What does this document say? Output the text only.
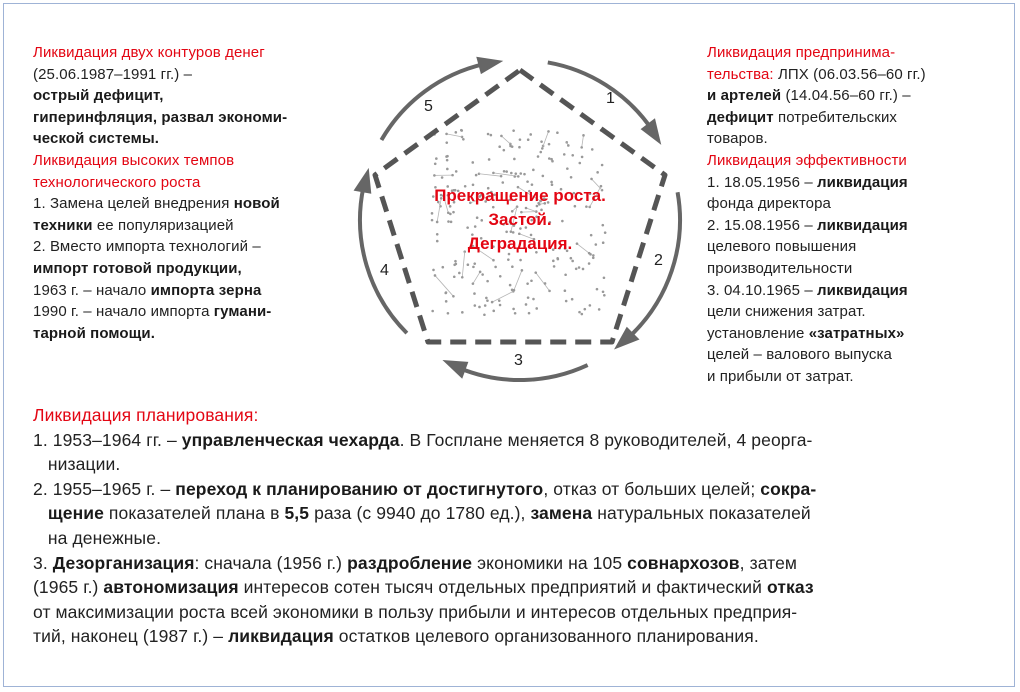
Прекращение роста.
Застой.
Деградация.
1
2
3
4
5
Ликвидация двух контуров денег
(25.06.1987–1991 гг.) –
острый дефицит,
гиперинфляция, развал экономи-
ческой системы.
Ликвидация высоких темпов
технологического роста
1. Замена целей внедрения новой
техники ее популяризацией
2. Вместо импорта технологий –
импорт готовой продукции,
1963 г. – начало импорта зерна
1990 г. – начало импорта гумани-
тарной помощи.
Ликвидация предпринима-
тельства: ЛПХ (06.03.56–60 гг.)
и артелей (14.04.56–60 гг.) –
дефицит потребительских
товаров.
Ликвидация эффективности
1. 18.05.1956 – ликвидация
фонда директора
2. 15.08.1956 – ликвидация
целевого повышения
производительности
3. 04.10.1965 – ликвидация
цели снижения затрат.
установление «затратных»
целей – валового выпуска
и прибыли от затрат.
Ликвидация планирования:
1. 1953–1964 гг. – управленческая чехарда. В Госплане меняется 8 руководителей, 4 реорга-
низации.
2. 1955–1965 г. – переход к планированию от достигнутого, отказ от больших целей; сокра-
щение показателей плана в 5,5 раза (с 9940 до 1780 ед.), замена натуральных показателей
на денежные.
3. Дезорганизация: сначала (1956 г.) раздробление экономики на 105 совнархозов, затем
(1965 г.) автономизация интересов сотен тысяч отдельных предприятий и фактический отказ
от максимизации роста всей экономики в пользу прибыли и интересов отдельных предприя-
тий, наконец (1987 г.) – ликвидация остатков целевого организованного планирования.
